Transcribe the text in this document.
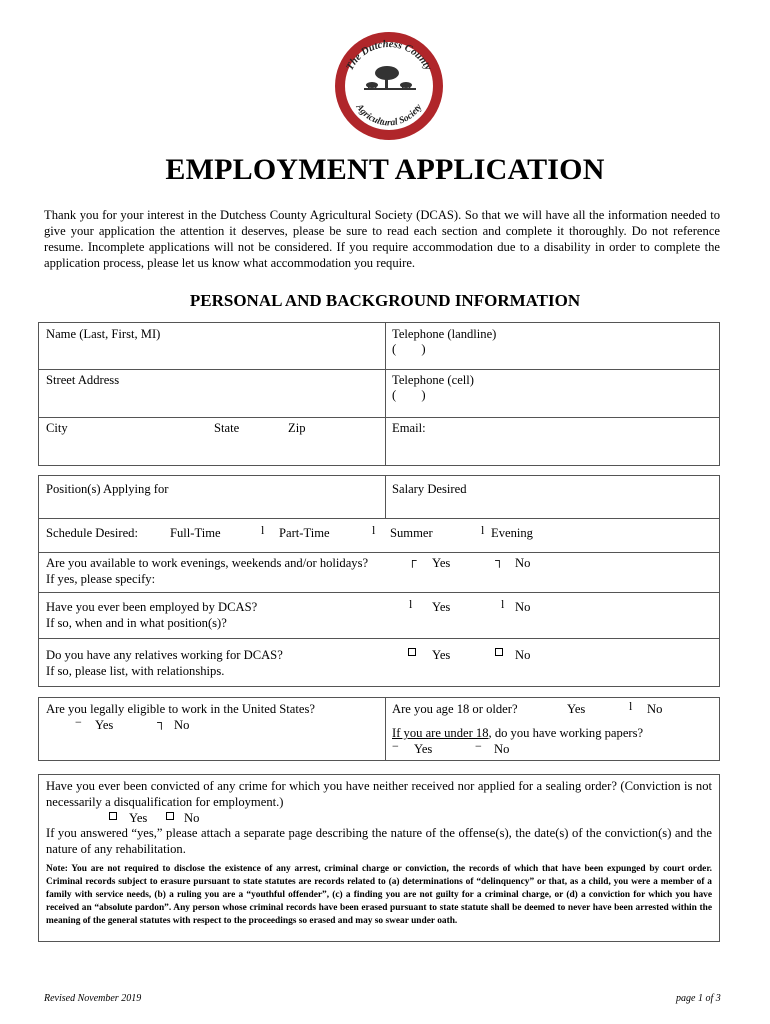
The Dutchess County
Agricultural Society
EMPLOYMENT APPLICATION
Thank you for your interest in the Dutchess County Agricultural Society (DCAS). So that we will have all the information needed to give your application the attention it deserves, please be sure to read each section and complete it thoroughly. Do not reference resume. Incomplete applications will not be considered. If you require accommodation due to a disability in order to complete the application process, please let us know what accommodation you require.
PERSONAL AND BACKGROUND INFORMATION
Name (Last, First, MI)	Telephone (landline)
(        )
Street Address	Telephone (cell)
(        )
City	State	Zip	Email:
Position(s) Applying for	Salary Desired
Schedule Desired:	Full-Time	l Part-Time	l Summer	l Evening
Are you available to work evenings, weekends and/or holidays?
If yes, please specify:
┌ Yes	┐ No
Have you ever been employed by DCAS?
If so, when and in what position(s)?
l Yes	l No
Do you have any relatives working for DCAS?
If so, please list, with relationships.
Yes	No
Are you legally eligible to work in the United States?
− Yes	┐ No
Are you age 18 or older?	Yes	l No
If you are under 18, do you have working papers?
− Yes	− No
Have you ever been convicted of any crime for which you have neither received nor applied for a sealing order? (Conviction is not necessarily a disqualification for employment.)
Yes	No
If you answered “yes,” please attach a separate page describing the nature of the offense(s), the date(s) of the conviction(s) and the nature of any rehabilitation.
Note: You are not required to disclose the existence of any arrest, criminal charge or conviction, the records of which that have been expunged by court order. Criminal records subject to erasure pursuant to state statutes are records related to (a) determinations of “delinquency” or that, as a child, you were a member of a family with service needs, (b) a ruling you are a “youthful offender”, (c) a finding you are not guilty for a criminal charge, or (d) a conviction for which you have received an “absolute pardon”. Any person whose criminal records have been erased pursuant to state statute shall be deemed to never have been arrested within the meaning of the general statutes with respect to the proceedings so erased and may so swear under oath.
Revised November 2019	page 1 of 3
